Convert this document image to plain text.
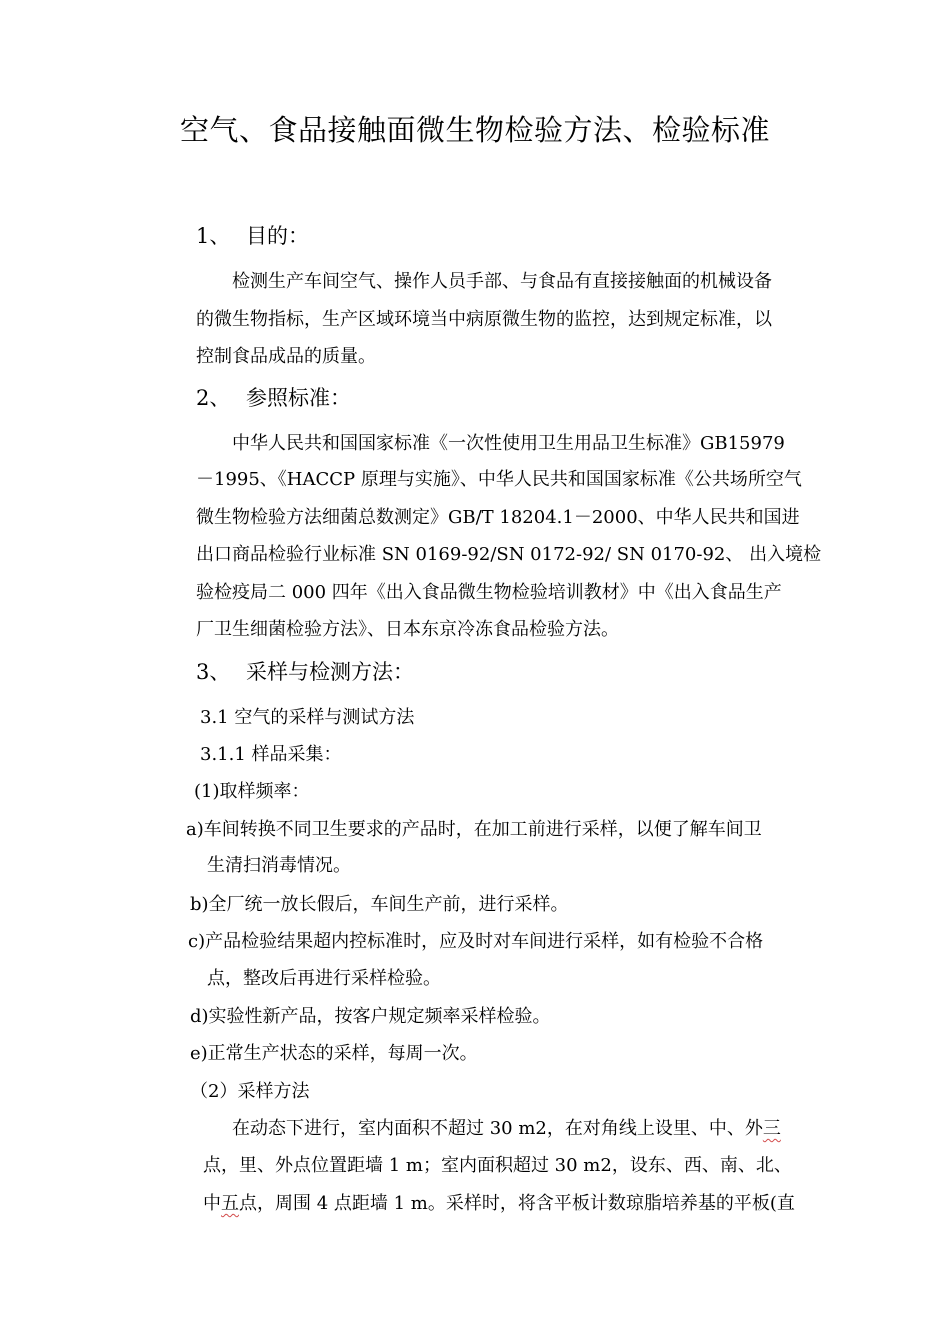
空气、食品接触面微生物检验方法、检验标准
1、 目的：
检测生产车间空气、操作人员手部、与食品有直接接触面的机械设备
的微生物指标，生产区域环境当中病原微生物的监控，达到规定标准，以
控制食品成品的质量。
2、 参照标准：
中华人民共和国国家标准《一次性使用卫生用品卫生标准》GB15979
－1995、《HACCP 原理与实施》、中华人民共和国国家标准《公共场所空气
微生物检验方法细菌总数测定》GB/T 18204.1－2000、中华人民共和国进
出口商品检验行业标准 SN 0169-92/SN 0172-92/ SN 0170-92、 出入境检
验检疫局二 000 四年《出入食品微生物检验培训教材》中《出入食品生产
厂卫生细菌检验方法》、日本东京冷冻食品检验方法。
3、 采样与检测方法：
3.1 空气的采样与测试方法
3.1.1 样品采集：
(1)取样频率：
a)车间转换不同卫生要求的产品时，在加工前进行采样，以便了解车间卫
生清扫消毒情况。
b)全厂统一放长假后，车间生产前，进行采样。
c)产品检验结果超内控标准时，应及时对车间进行采样，如有检验不合格
点，整改后再进行采样检验。
d)实验性新产品，按客户规定频率采样检验。
e)正常生产状态的采样，每周一次。
（2）采样方法
在动态下进行，室内面积不超过 30 m2，在对角线上设里、中、外三
点，里、外点位置距墙 1 m；室内面积超过 30 m2，设东、西、南、北、
中五点，周围 4 点距墙 1 m。采样时，将含平板计数琼脂培养基的平板(直
